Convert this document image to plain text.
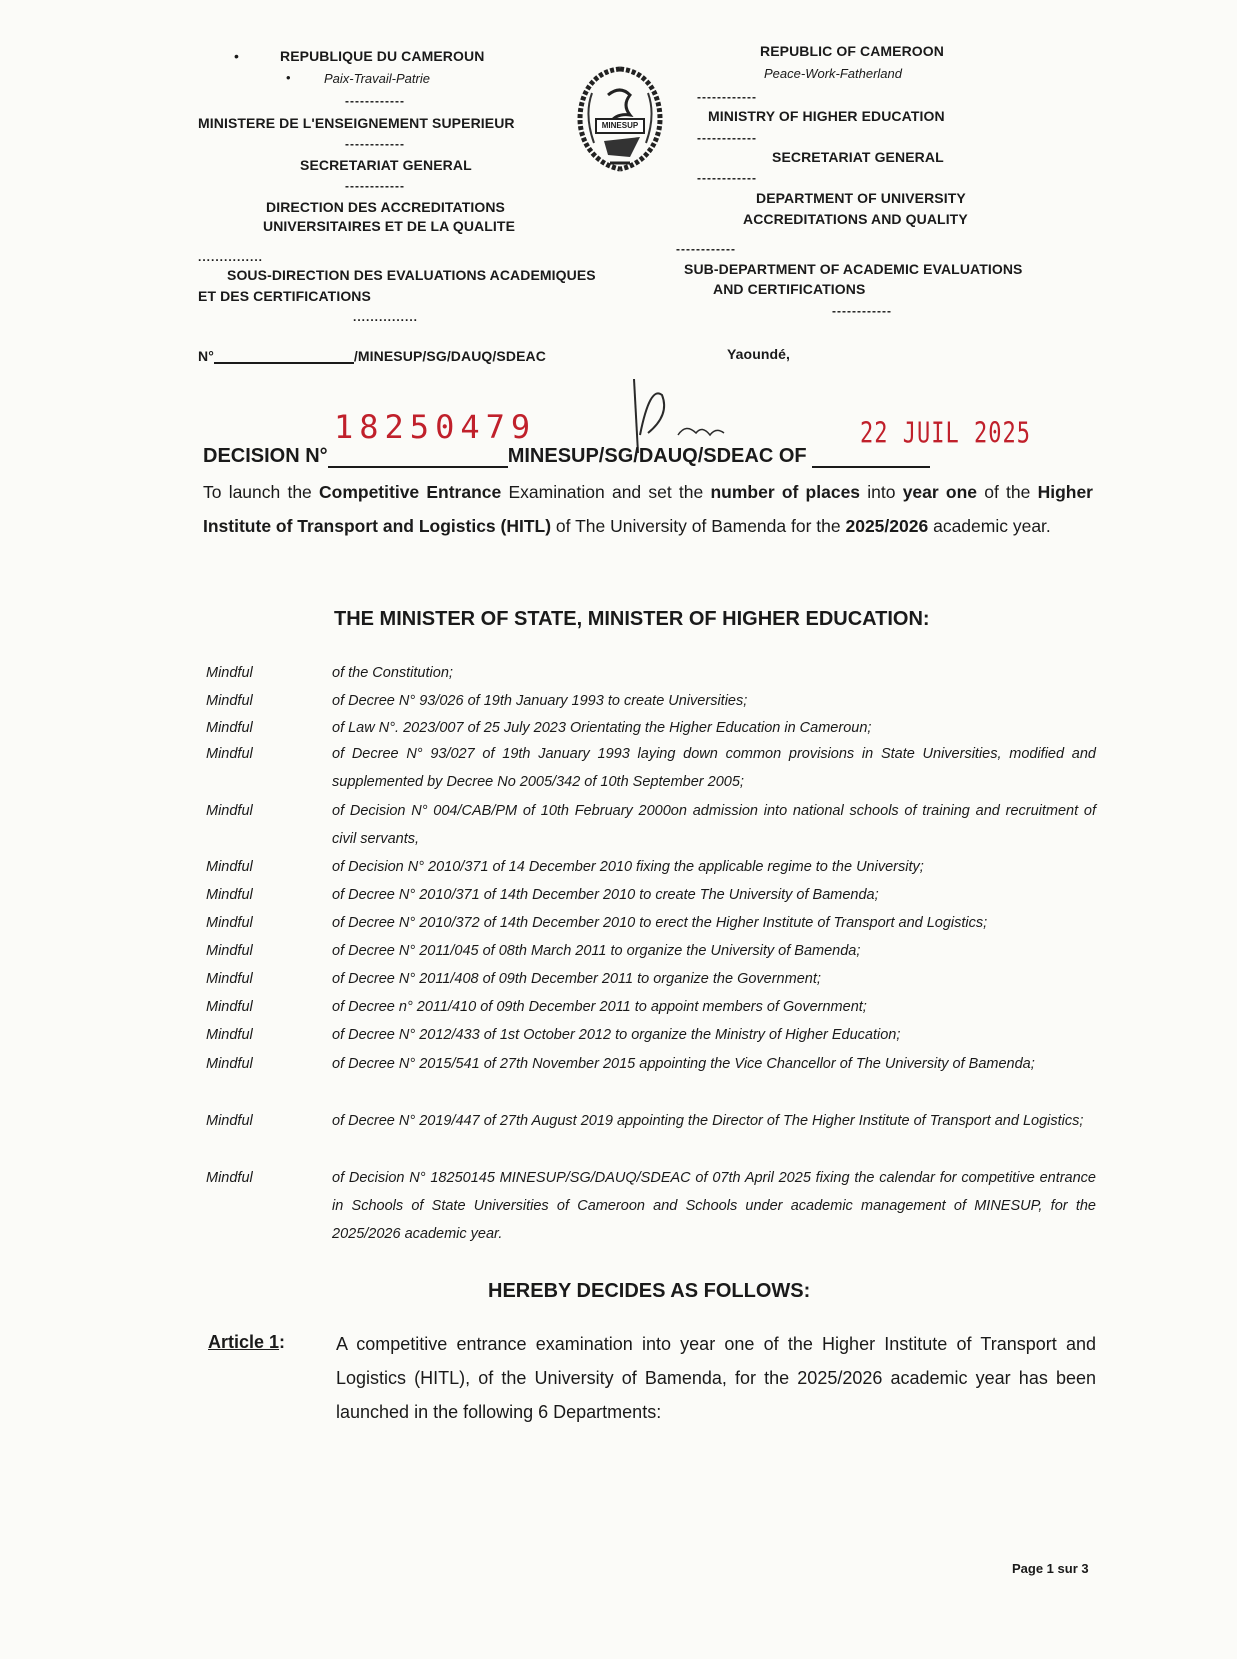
REPUBLIQUE DU CAMEROUN
•
Paix-Travail-Patrie
•
------------
MINISTERE DE L'ENSEIGNEMENT SUPERIEUR
------------
SECRETARIAT GENERAL
------------
DIRECTION DES ACCREDITATIONS
UNIVERSITAIRES ET DE LA QUALITE
...............
SOUS-DIRECTION DES EVALUATIONS ACADEMIQUES
ET DES CERTIFICATIONS
...............
MINESUP
REPUBLIC OF CAMEROON
Peace-Work-Fatherland
------------
MINISTRY OF HIGHER EDUCATION
------------
SECRETARIAT GENERAL
------------
DEPARTMENT OF UNIVERSITY
ACCREDITATIONS AND QUALITY
------------
SUB-DEPARTMENT OF ACADEMIC EVALUATIONS
AND CERTIFICATIONS
------------
N°	/MINESUP/SG/DAUQ/SDEAC	Yaoundé,
18250479	22 JUIL 2025
DECISION N°	MINESUP/SG/DAUQ/SDEAC OF
To launch the Competitive Entrance Examination and set the number of places into year one of the Higher Institute of Transport and Logistics (HITL) of The University of Bamenda for the 2025/2026 academic year.
THE MINISTER OF STATE, MINISTER OF HIGHER EDUCATION:
Mindful	of the Constitution;
Mindful	of Decree N° 93/026 of 19th January 1993 to create Universities;
Mindful	of Law N°. 2023/007 of 25 July 2023 Orientating the Higher Education in Cameroun;
Mindful	of Decree N° 93/027 of 19th January 1993 laying down common provisions in State Universities, modified and supplemented by Decree No 2005/342 of 10th September 2005;
Mindful	of Decision N° 004/CAB/PM of 10th February 2000on admission into national schools of training and recruitment of civil servants,
Mindful	of Decision N° 2010/371 of 14 December 2010 fixing the applicable regime to the University;
Mindful	of Decree N° 2010/371 of 14th December 2010 to create The University of Bamenda;
Mindful	of Decree N° 2010/372 of 14th December 2010 to erect the Higher Institute of Transport and Logistics;
Mindful	of Decree N° 2011/045 of 08th March 2011 to organize the University of Bamenda;
Mindful	of Decree N° 2011/408 of 09th December 2011 to organize the Government;
Mindful	of Decree n° 2011/410 of 09th December 2011 to appoint members of Government;
Mindful	of Decree N° 2012/433 of 1st October 2012 to organize the Ministry of Higher Education;
Mindful	of Decree N° 2015/541 of 27th November 2015 appointing the Vice Chancellor of The University of Bamenda;
Mindful	of Decree N° 2019/447 of 27th August 2019 appointing the Director of The Higher Institute of Transport and Logistics;
Mindful	of Decision N° 18250145 MINESUP/SG/DAUQ/SDEAC of 07th April 2025 fixing the calendar for competitive entrance in Schools of State Universities of Cameroon and Schools under academic management of MINESUP, for the 2025/2026 academic year.
HEREBY DECIDES AS FOLLOWS:
Article 1:	A competitive entrance examination into year one of the Higher Institute of Transport and Logistics (HITL), of the University of Bamenda, for the 2025/2026 academic year has been launched in the following 6 Departments:
Page 1 sur 3
